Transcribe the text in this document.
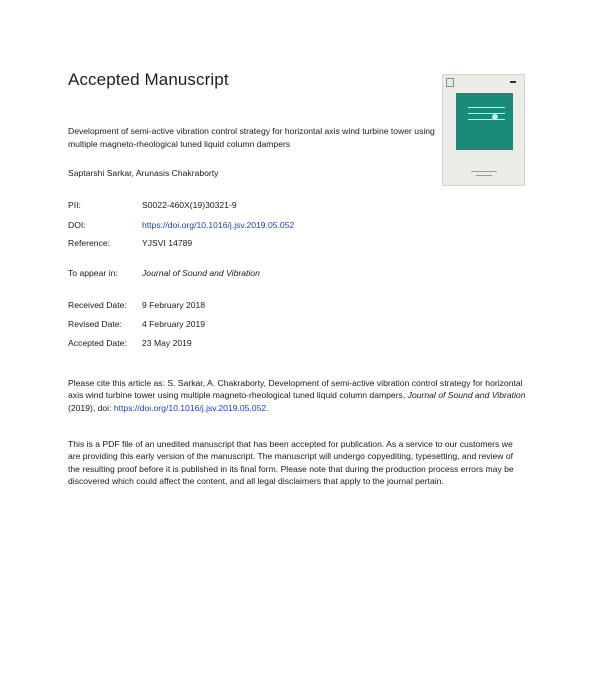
Accepted Manuscript
Development of semi-active vibration control strategy for horizontal axis wind turbine tower using multiple magneto-rheological tuned liquid column dampers
Saptarshi Sarkar, Arunasis Chakraborty
PII:	S0022-460X(19)30321-9
DOI:	https://doi.org/10.1016/j.jsv.2019.05.052
Reference:	YJSVI 14789
To appear in:	Journal of Sound and Vibration
Received Date: 9 February 2018
Revised Date: 4 February 2019
Accepted Date: 23 May 2019
Please cite this article as: S. Sarkar, A. Chakraborty, Development of semi-active vibration control strategy for horizontal axis wind turbine tower using multiple magneto-rheological tuned liquid column dampers, Journal of Sound and Vibration (2019), doi: https://doi.org/10.1016/j.jsv.2019.05.052.
This is a PDF file of an unedited manuscript that has been accepted for publication. As a service to our customers we are providing this early version of the manuscript. The manuscript will undergo copyediting, typesetting, and review of the resulting proof before it is published in its final form. Please note that during the production process errors may be discovered which could affect the content, and all legal disclaimers that apply to the journal pertain.
